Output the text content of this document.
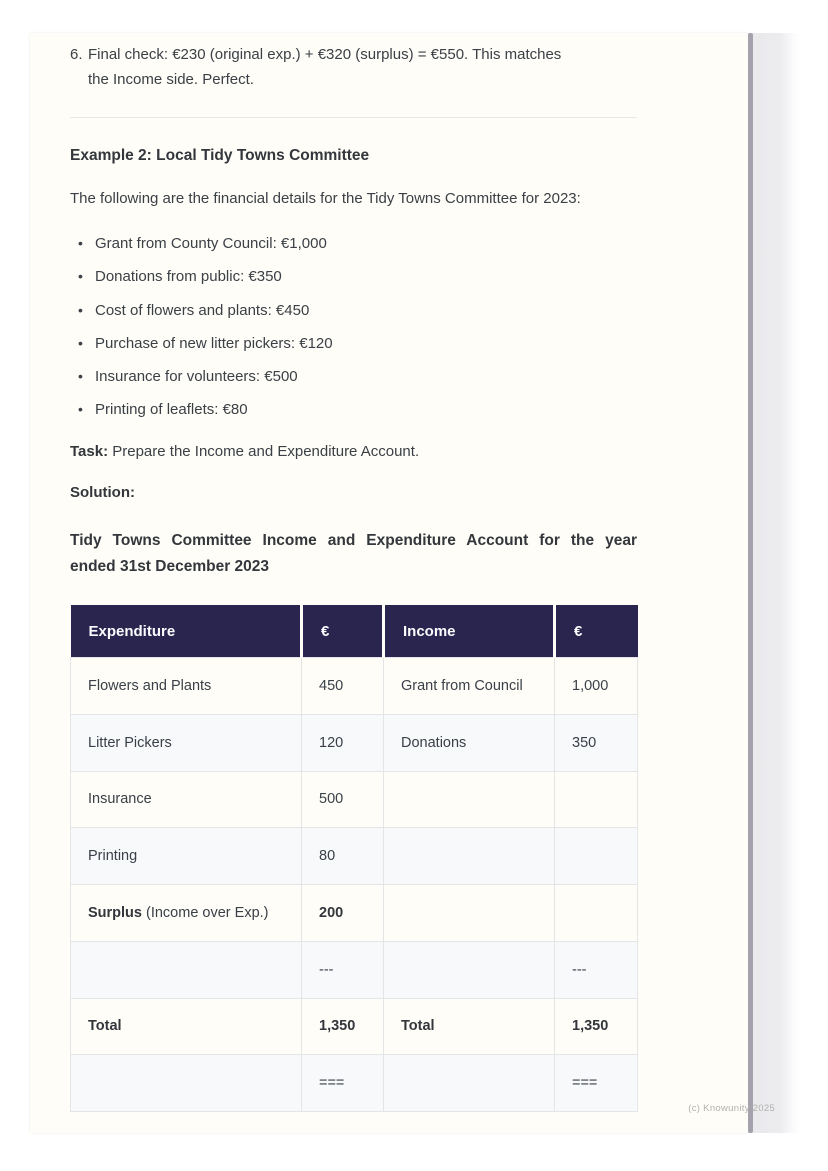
6. Final check: €230 (original exp.) + €320 (surplus) = €550. This matches
the Income side. Perfect.
Example 2: Local Tidy Towns Committee
The following are the financial details for the Tidy Towns Committee for 2023:
• Grant from County Council: €1,000
• Donations from public: €350
• Cost of flowers and plants: €450
• Purchase of new litter pickers: €120
• Insurance for volunteers: €500
• Printing of leaflets: €80
Task: Prepare the Income and Expenditure Account.
Solution:
Tidy Towns Committee Income and Expenditure Account for the year
ended 31st December 2023
Expenditure	€	Income	€
Flowers and Plants	450	Grant from Council	1,000
Litter Pickers	120	Donations	350
Insurance	500		
Printing	80		
Surplus (Income over Exp.)	200		
	---		---
Total	1,350	Total	1,350
	===		===
(c) Knowunity 2025
